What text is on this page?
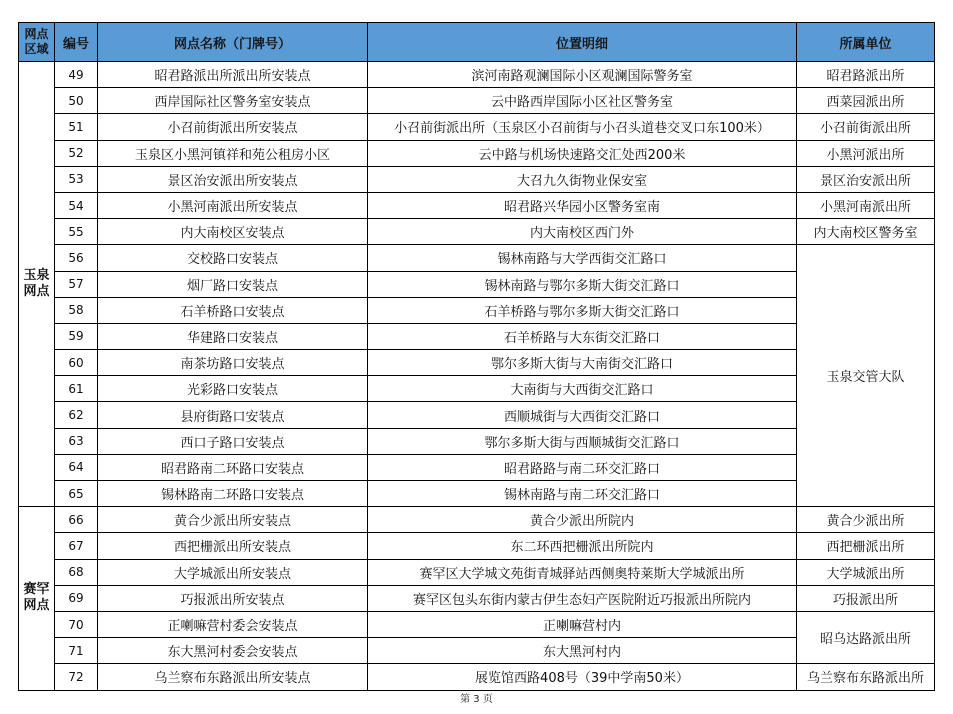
网点区域	编号	网点名称（门牌号）	位置明细	所属单位
玉泉网点	49	昭君路派出所派出所安装点	滨河南路观澜国际小区观澜国际警务室	昭君路派出所
	50	西岸国际社区警务室安装点	云中路西岸国际小区社区警务室	西菜园派出所
	51	小召前街派出所安装点	小召前街派出所（玉泉区小召前街与小召头道巷交叉口东100米）	小召前街派出所
	52	玉泉区小黑河镇祥和苑公租房小区	云中路与机场快速路交汇处西200米	小黑河派出所
	53	景区治安派出所安装点	大召九久街物业保安室	景区治安派出所
	54	小黑河南派出所安装点	昭君路兴华园小区警务室南	小黑河南派出所
	55	内大南校区安装点	内大南校区西门外	内大南校区警务室
	56	交校路口安装点	锡林南路与大学西街交汇路口	玉泉交管大队
	57	烟厂路口安装点	锡林南路与鄂尔多斯大街交汇路口	
	58	石羊桥路口安装点	石羊桥路与鄂尔多斯大街交汇路口	
	59	华建路口安装点	石羊桥路与大东街交汇路口	
	60	南茶坊路口安装点	鄂尔多斯大街与大南街交汇路口	
	61	光彩路口安装点	大南街与大西街交汇路口	
	62	县府街路口安装点	西顺城街与大西街交汇路口	
	63	西口子路口安装点	鄂尔多斯大街与西顺城街交汇路口	
	64	昭君路南二环路口安装点	昭君路路与南二环交汇路口	
	65	锡林路南二环路口安装点	锡林南路与南二环交汇路口	
赛罕网点	66	黄合少派出所安装点	黄合少派出所院内	黄合少派出所
	67	西把栅派出所安装点	东二环西把栅派出所院内	西把栅派出所
	68	大学城派出所安装点	赛罕区大学城文苑街青城驿站西侧奥特莱斯大学城派出所	大学城派出所
	69	巧报派出所安装点	赛罕区包头东街内蒙古伊生态妇产医院附近巧报派出所院内	巧报派出所
	70	正喇嘛营村委会安装点	正喇嘛营村内	昭乌达路派出所
	71	东大黑河村委会安装点	东大黑河村内	
	72	乌兰察布东路派出所安装点	展览馆西路408号（39中学南50米）	乌兰察布东路派出所
第 3 页
